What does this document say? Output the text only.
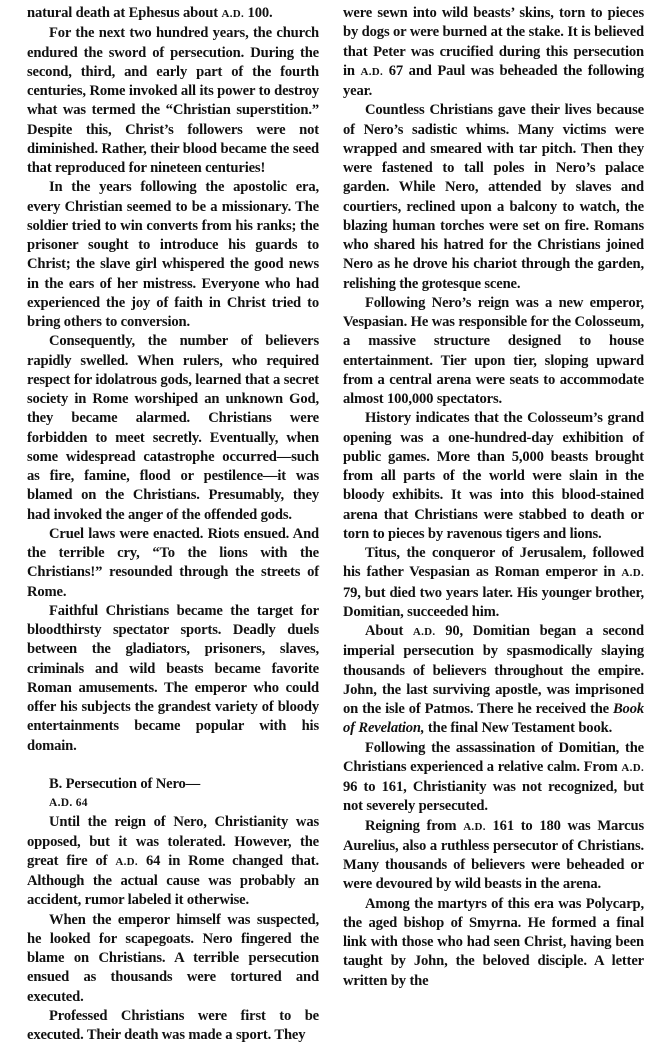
natural death at Ephesus about A.D. 100.

For the next two hundred years, the church endured the sword of persecution. During the second, third, and early part of the fourth centuries, Rome invoked all its power to destroy what was termed the “Christian superstition.” Despite this, Christ’s followers were not diminished. Rather, their blood became the seed that reproduced for nineteen centuries!

In the years following the apostolic era, every Christian seemed to be a missionary. The soldier tried to win converts from his ranks; the prisoner sought to introduce his guards to Christ; the slave girl whispered the good news in the ears of her mistress. Everyone who had experienced the joy of faith in Christ tried to bring others to conversion.

Consequently, the number of believers rapidly swelled. When rulers, who required respect for idolatrous gods, learned that a secret society in Rome worshiped an unknown God, they became alarmed. Christians were forbidden to meet secretly. Eventually, when some widespread catastrophe occurred—such as fire, famine, flood or pestilence—it was blamed on the Christians. Presumably, they had invoked the anger of the offended gods.

Cruel laws were enacted. Riots ensued. And the terrible cry, “To the lions with the Christians!” resounded through the streets of Rome.

Faithful Christians became the target for bloodthirsty spectator sports. Deadly duels between the gladiators, prisoners, slaves, criminals and wild beasts became favorite Roman amusements. The emperor who could offer his subjects the grandest variety of bloody entertainments became popular with his domain.

B. Persecution of Nero—

A.D. 64

Until the reign of Nero, Christianity was opposed, but it was tolerated. However, the great fire of A.D. 64 in Rome changed that. Although the actual cause was probably an accident, rumor labeled it otherwise.

When the emperor himself was suspected, he looked for scapegoats. Nero fingered the blame on Christians. A terrible persecution ensued as thousands were tortured and executed.

Professed Christians were first to be executed. Their death was made a sport. They

were sewn into wild beasts’ skins, torn to pieces by dogs or were burned at the stake. It is believed that Peter was crucified during this persecution in A.D. 67 and Paul was beheaded the following year.

Countless Christians gave their lives because of Nero’s sadistic whims. Many victims were wrapped and smeared with tar pitch. Then they were fastened to tall poles in Nero’s palace garden. While Nero, attended by slaves and courtiers, reclined upon a balcony to watch, the blazing human torches were set on fire. Romans who shared his hatred for the Christians joined Nero as he drove his chariot through the garden, relishing the grotesque scene.

Following Nero’s reign was a new emperor, Vespasian. He was responsible for the Colosseum, a massive structure designed to house entertainment. Tier upon tier, sloping upward from a central arena were seats to accommodate almost 100,000 spectators.

History indicates that the Colosseum’s grand opening was a one-hundred-day exhibition of public games. More than 5,000 beasts brought from all parts of the world were slain in the bloody exhibits. It was into this blood-stained arena that Christians were stabbed to death or torn to pieces by ravenous tigers and lions.

Titus, the conqueror of Jerusalem, followed his father Vespasian as Roman emperor in A.D. 79, but died two years later. His younger brother, Domitian, succeeded him.

About A.D. 90, Domitian began a second imperial persecution by spasmodically slaying thousands of believers throughout the empire. John, the last surviving apostle, was imprisoned on the isle of Patmos. There he received the Book of Revelation, the final New Testament book.

Following the assassination of Domitian, the Christians experienced a relative calm. From A.D. 96 to 161, Christianity was not recognized, but not severely persecuted.

Reigning from A.D. 161 to 180 was Marcus Aurelius, also a ruthless persecutor of Christians. Many thousands of believers were beheaded or were devoured by wild beasts in the arena.

Among the martyrs of this era was Polycarp, the aged bishop of Smyrna. He formed a final link with those who had seen Christ, having been taught by John, the beloved disciple. A letter written by the
